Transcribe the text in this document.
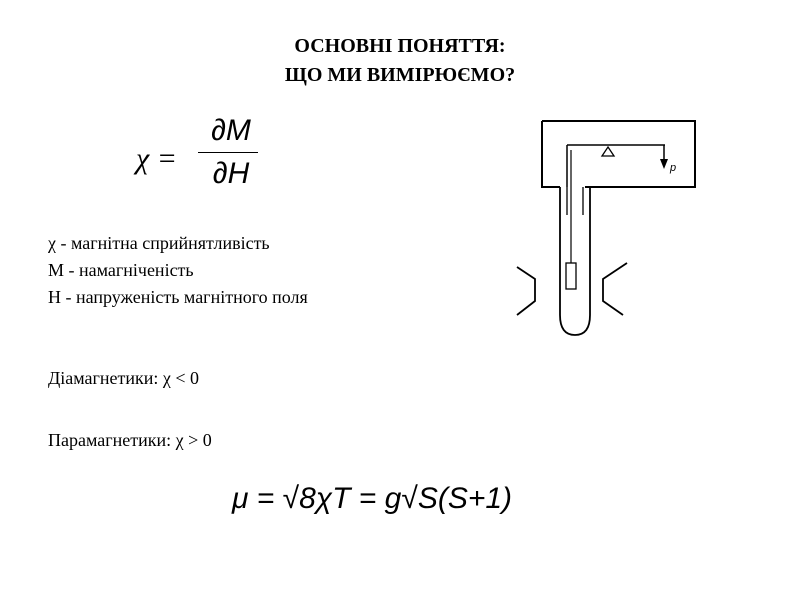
ОСНОВНІ ПОНЯТТЯ:
ЩО МИ ВИМІРЮЄМО?
χ =
∂M
∂H
χ - магнітна сприйнятливість
M - намагніченість
H - напруженість магнітного поля
Діамагнетики: χ < 0
Парамагнетики: χ > 0
μ = √8χT = g√S(S+1)
p
